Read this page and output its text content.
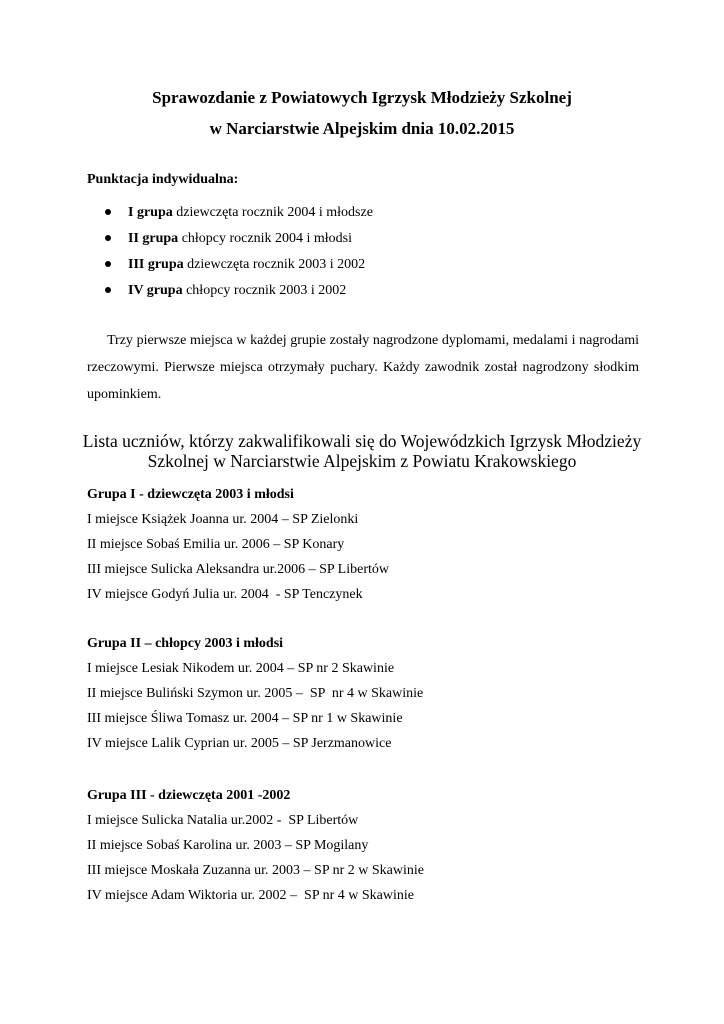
Sprawozdanie z Powiatowych Igrzysk Młodzieży Szkolnej
w Narciarstwie Alpejskim dnia 10.02.2015
Punktacja indywidualna:
I grupa dziewczęta rocznik 2004 i młodsze
II grupa chłopcy rocznik 2004 i młodsi
III grupa dziewczęta rocznik 2003 i 2002
IV grupa chłopcy rocznik 2003 i 2002

Trzy pierwsze miejsca w każdej grupie zostały nagrodzone dyplomami, medalami i nagrodami rzeczowymi. Pierwsze miejsca otrzymały puchary. Każdy zawodnik został nagrodzony słodkim upominkiem.

Lista uczniów, którzy zakwalifikowali się do Wojewódzkich Igrzysk Młodzieży
Szkolnej w Narciarstwie Alpejskim z Powiatu Krakowskiego
Grupa I - dziewczęta 2003 i młodsi
I miejsce Książek Joanna ur. 2004 – SP Zielonki
II miejsce Sobaś Emilia ur. 2006 – SP Konary
III miejsce Sulicka Aleksandra ur.2006 – SP Libertów
IV miejsce Godyń Julia ur. 2004  - SP Tenczynek
Grupa II – chłopcy 2003 i młodsi
I miejsce Lesiak Nikodem ur. 2004 – SP nr 2 Skawinie
II miejsce Buliński Szymon ur. 2005 –  SP  nr 4 w Skawinie
III miejsce Śliwa Tomasz ur. 2004 – SP nr 1 w Skawinie
IV miejsce Lalik Cyprian ur. 2005 – SP Jerzmanowice
Grupa III - dziewczęta 2001 -2002
I miejsce Sulicka Natalia ur.2002 -  SP Libertów
II miejsce Sobaś Karolina ur. 2003 – SP Mogilany
III miejsce Moskała Zuzanna ur. 2003 – SP nr 2 w Skawinie
IV miejsce Adam Wiktoria ur. 2002 –  SP nr 4 w Skawinie
